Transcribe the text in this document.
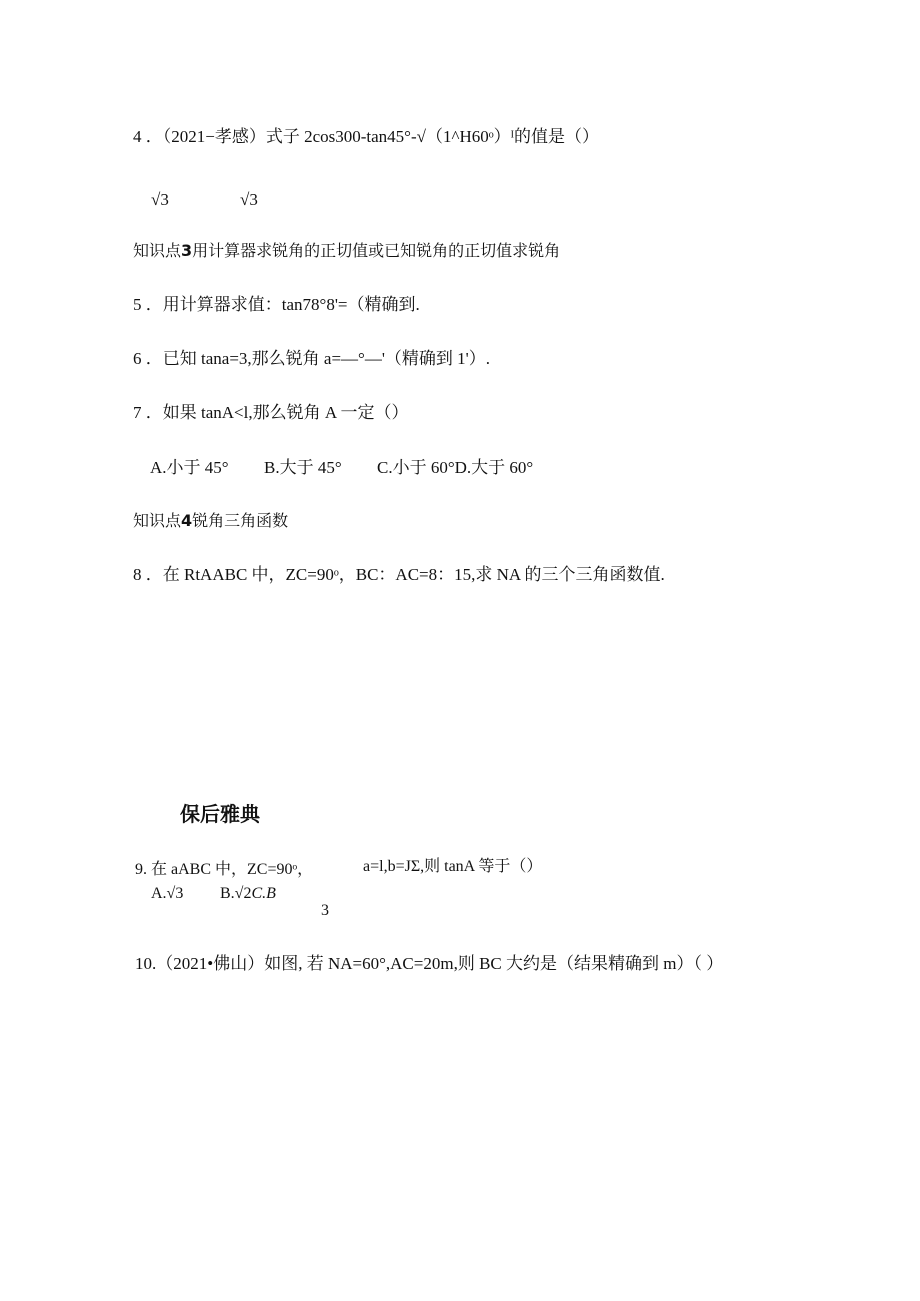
4 ．（2021−孝感）式子 2cos300-tan45°-√（1^H60ᵒ）ᴵ的值是（）
√3	√3
知识点3用计算器求锐角的正切值或已知锐角的正切值求锐角
5 ．用计算器求值：tan78°8'=（精确到.
6 ．已知 tana=3,那么锐角 a=—°—'（精确到 1'）.
7 ．如果 tanA<l,那么锐角 A 一定（）
A.小于 45° B.大于 45° C.小于 60°D.大于 60°
知识点4锐角三角函数
8 ．在 RtAABC 中，ZC=90ᵒ，BC：AC=8：15,求 NA 的三个三角函数值.
保后雅典
9. 在 aABC 中，ZC=90ᵒ，	a=l,b=JΣ,则 tanA 等于（）
A.√3 B.√2C.B
3
10.（2021•佛山）如图, 若 NA=60°,AC=20m,则 BC 大约是（结果精确到 m）（ ）
